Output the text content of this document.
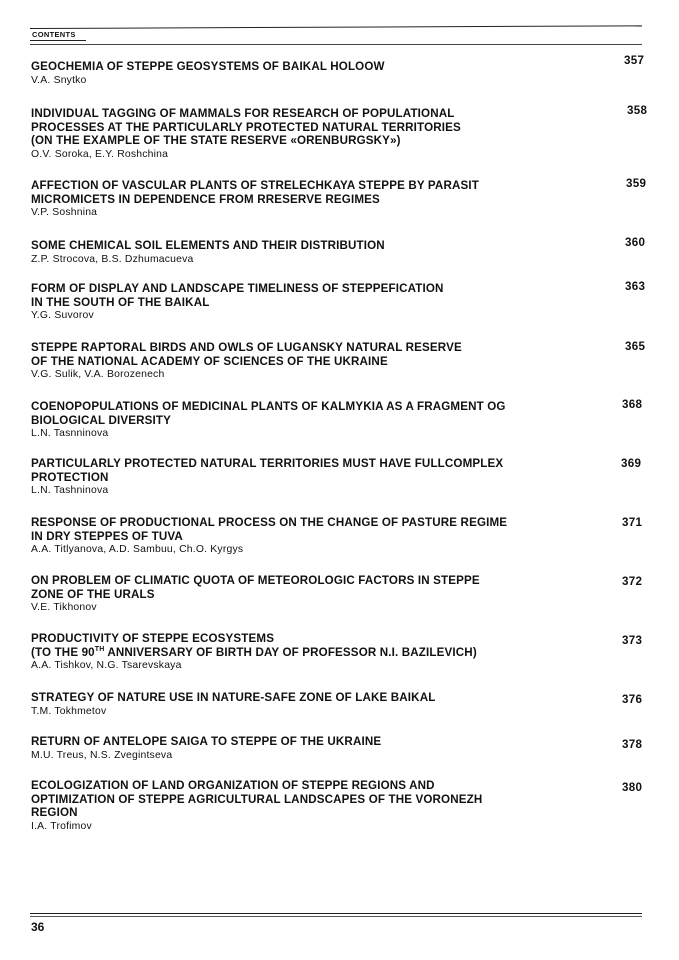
CONTENTS
GEOCHEMIA OF STEPPE GEOSYSTEMS OF BAIKAL HOLOOW
V.A. Snytko
357
INDIVIDUAL TAGGING OF MAMMALS FOR RESEARCH OF POPULATIONAL
PROCESSES AT THE PARTICULARLY PROTECTED NATURAL TERRITORIES
(ON THE EXAMPLE OF THE STATE RESERVE «ORENBURGSKY»)
O.V. Soroka, E.Y. Roshchina
358
AFFECTION OF VASCULAR PLANTS OF STRELECHKAYA STEPPE BY PARASIT
MICROMICETS IN DEPENDENCE FROM RRESERVE REGIMES
V.P. Soshnina
359
SOME CHEMICAL SOIL ELEMENTS AND THEIR DISTRIBUTION
Z.P. Strocova, B.S. Dzhumacueva
360
FORM OF DISPLAY AND LANDSCAPE TIMELINESS OF STEPPEFICATION
IN THE SOUTH OF THE BAIKAL
Y.G. Suvorov
363
STEPPE RAPTORAL BIRDS AND OWLS OF LUGANSKY NATURAL RESERVE
OF THE NATIONAL ACADEMY OF SCIENCES OF THE UKRAINE
V.G. Sulik, V.A. Borozenech
365
COENOPOPULATIONS OF MEDICINAL PLANTS OF KALMYKIA AS A FRAGMENT OG
BIOLOGICAL DIVERSITY
L.N. Tasnninova
368
PARTICULARLY PROTECTED NATURAL TERRITORIES MUST HAVE FULLCOMPLEX
PROTECTION
L.N. Tashninova
369
RESPONSE OF PRODUCTIONAL PROCESS ON THE CHANGE OF PASTURE REGIME
IN DRY STEPPES OF TUVA
A.A. Titlyanova, A.D. Sambuu, Ch.O. Kyrgys
371
ON PROBLEM OF CLIMATIC QUOTA OF METEOROLOGIC FACTORS IN STEPPE
ZONE OF THE URALS
V.E. Tikhonov
372
PRODUCTIVITY OF STEPPE ECOSYSTEMS
(TO THE 90TH ANNIVERSARY OF BIRTH DAY OF PROFESSOR N.I. BAZILEVICH)
A.A. Tishkov, N.G. Tsarevskaya
373
STRATEGY OF NATURE USE IN NATURE-SAFE ZONE OF LAKE BAIKAL
T.M. Tokhmetov
376
RETURN OF ANTELOPE SAIGA TO STEPPE OF THE UKRAINE
M.U. Treus, N.S. Zvegintseva
378
ECOLOGIZATION OF LAND ORGANIZATION OF STEPPE REGIONS AND
OPTIMIZATION OF STEPPE AGRICULTURAL LANDSCAPES OF THE VORONEZH
REGION
I.A. Trofimov
380
36
